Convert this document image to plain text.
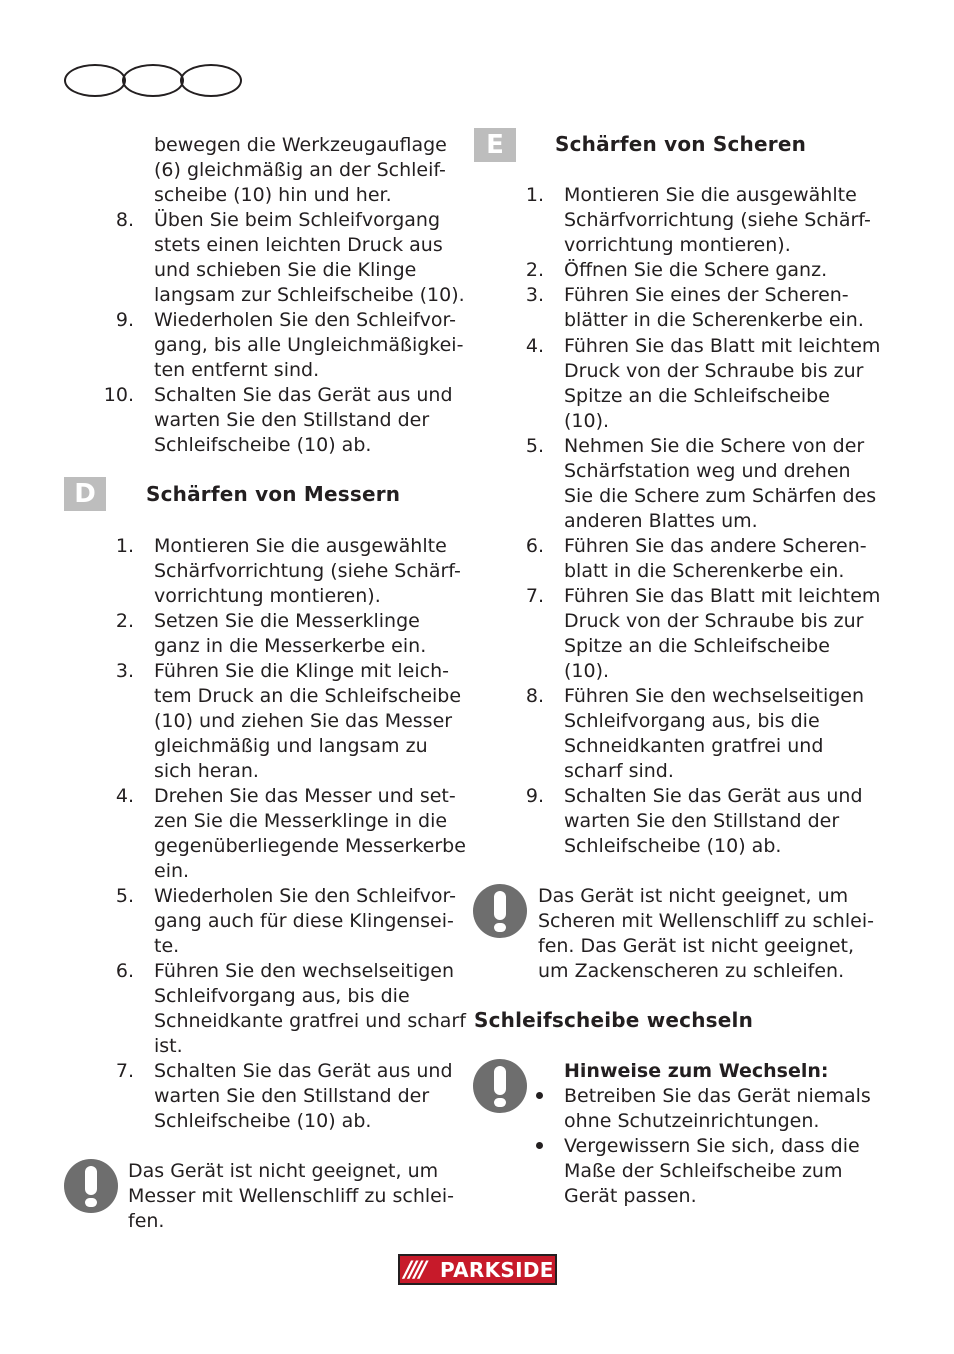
bewegen die Werkzeugauflage
(6) gleichmäßig an der Schleif-
scheibe (10) hin und her.
8. Üben Sie beim Schleifvorgang
stets einen leichten Druck aus
und schieben Sie die Klinge
langsam zur Schleifscheibe (10).
9. Wiederholen Sie den Schleifvor-
gang, bis alle Ungleichmäßigkei-
ten entfernt sind.
10. Schalten Sie das Gerät aus und
warten Sie den Stillstand der
Schleifscheibe (10) ab.
D	Schärfen von Messern
1. Montieren Sie die ausgewählte
Schärfvorrichtung (siehe Schärf-
vorrichtung montieren).
2. Setzen Sie die Messerklinge
ganz in die Messerkerbe ein.
3. Führen Sie die Klinge mit leich-
tem Druck an die Schleifscheibe
(10) und ziehen Sie das Messer
gleichmäßig und langsam zu
sich heran.
4. Drehen Sie das Messer und set-
zen Sie die Messerklinge in die
gegenüberliegende Messerkerbe
ein.
5. Wiederholen Sie den Schleifvor-
gang auch für diese Klingensei-
te.
6. Führen Sie den wechselseitigen
Schleifvorgang aus, bis die
Schneidkante gratfrei und scharf
ist.
7. Schalten Sie das Gerät aus und
warten Sie den Stillstand der
Schleifscheibe (10) ab.
Das Gerät ist nicht geeignet, um
Messer mit Wellenschliff zu schlei-
fen.
E	Schärfen von Scheren
1. Montieren Sie die ausgewählte
Schärfvorrichtung (siehe Schärf-
vorrichtung montieren).
2. Öffnen Sie die Schere ganz.
3. Führen Sie eines der Scheren-
blätter in die Scherenkerbe ein.
4. Führen Sie das Blatt mit leichtem
Druck von der Schraube bis zur
Spitze an die Schleifscheibe
(10).
5. Nehmen Sie die Schere von der
Schärfstation weg und drehen
Sie die Schere zum Schärfen des
anderen Blattes um.
6. Führen Sie das andere Scheren-
blatt in die Scherenkerbe ein.
7. Führen Sie das Blatt mit leichtem
Druck von der Schraube bis zur
Spitze an die Schleifscheibe
(10).
8. Führen Sie den wechselseitigen
Schleifvorgang aus, bis die
Schneidkanten gratfrei und
scharf sind.
9. Schalten Sie das Gerät aus und
warten Sie den Stillstand der
Schleifscheibe (10) ab.
Das Gerät ist nicht geeignet, um
Scheren mit Wellenschliff zu schlei-
fen. Das Gerät ist nicht geeignet,
um Zackenscheren zu schleifen.
Schleifscheibe wechseln
Hinweise zum Wechseln:
Betreiben Sie das Gerät niemals
ohne Schutzeinrichtungen.
Vergewissern Sie sich, dass die
Maße der Schleifscheibe zum
Gerät passen.
//// PARKSIDE
